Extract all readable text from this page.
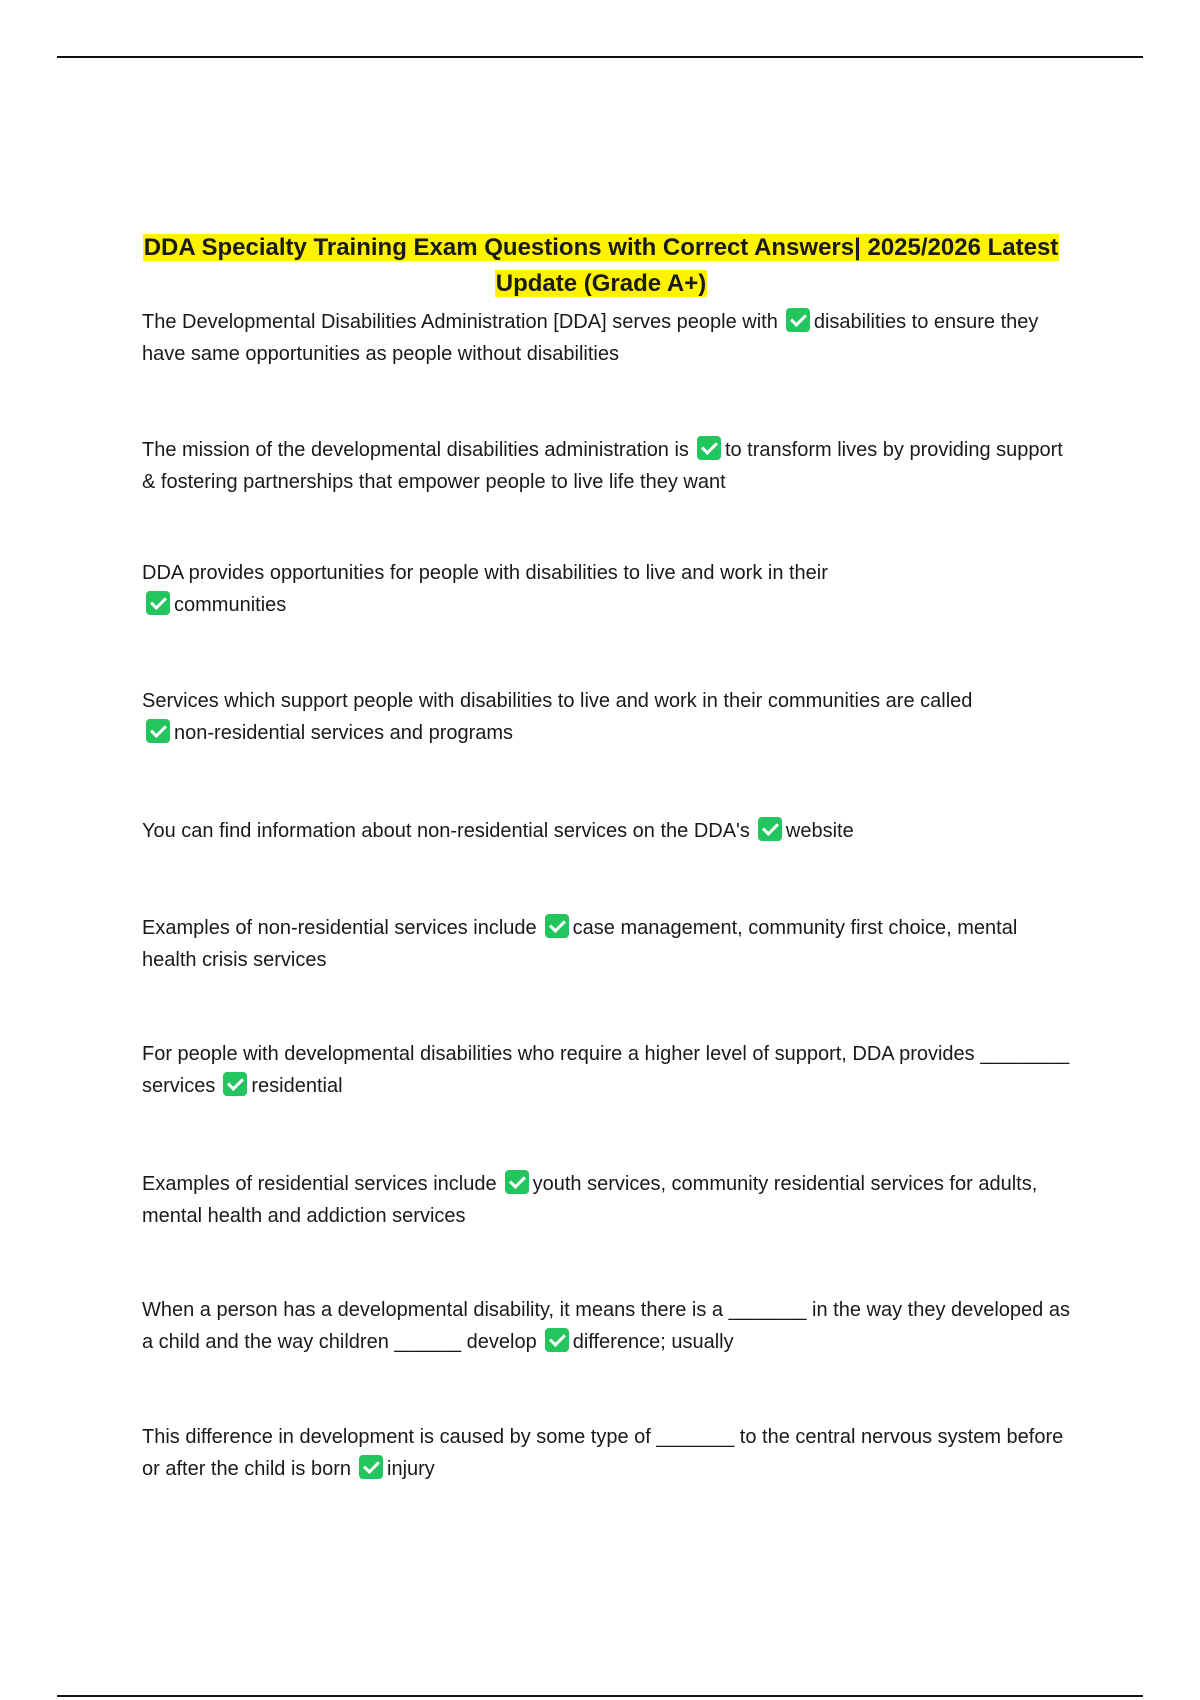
DDA Specialty Training Exam Questions with Correct Answers| 2025/2026 Latest Update (Grade A+)

The Developmental Disabilities Administration [DDA] serves people with disabilities to ensure they have same opportunities as people without disabilities

The mission of the developmental disabilities administration is to transform lives by providing support & fostering partnerships that empower people to live life they want

DDA provides opportunities for people with disabilities to live and work in their
communities

Services which support people with disabilities to live and work in their communities are called
non-residential services and programs

You can find information about non-residential services on the DDA's website

Examples of non-residential services include case management, community first choice, mental health crisis services

For people with developmental disabilities who require a higher level of support, DDA provides ________ services residential

Examples of residential services include youth services, community residential services for adults, mental health and addiction services

When a person has a developmental disability, it means there is a _______ in the way they developed as a child and the way children ______ develop difference; usually

This difference in development is caused by some type of _______ to the central nervous system before or after the child is born injury
